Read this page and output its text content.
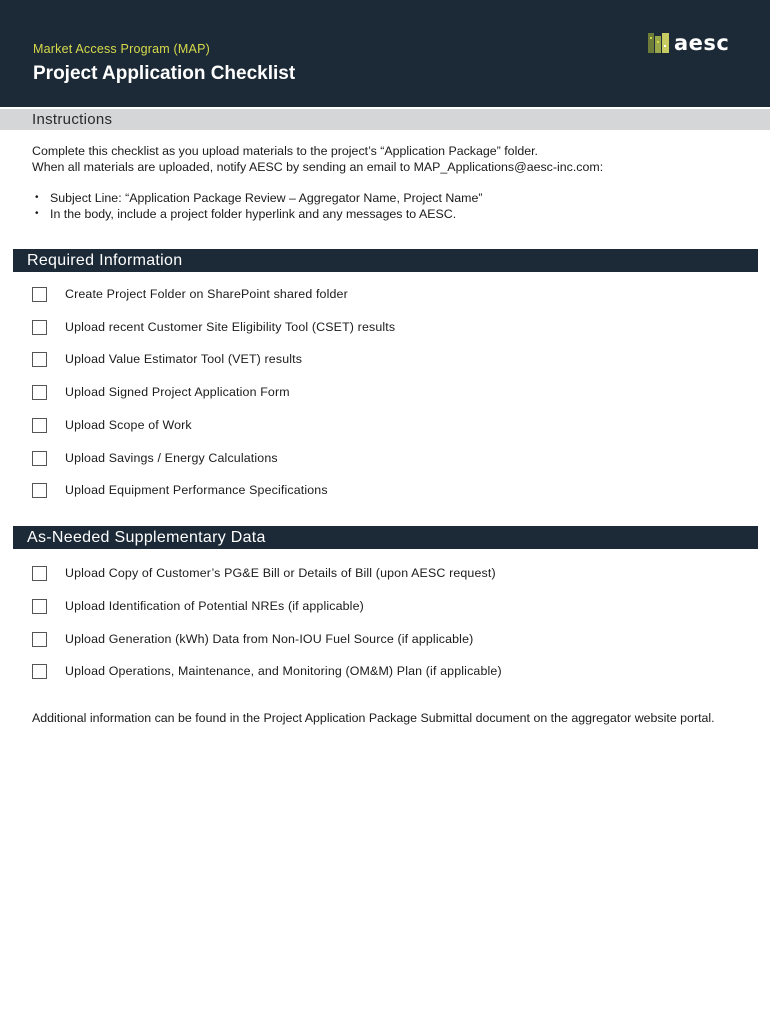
Market Access Program (MAP)
Project Application Checklist
aesc
Instructions
Complete this checklist as you upload materials to the project’s “Application Package” folder.
When all materials are uploaded, notify AESC by sending an email to MAP_Applications@aesc-inc.com:
• Subject Line: “Application Package Review – Aggregator Name, Project Name”
• In the body, include a project folder hyperlink and any messages to AESC.
Required Information
Create Project Folder on SharePoint shared folder
Upload recent Customer Site Eligibility Tool (CSET) results
Upload Value Estimator Tool (VET) results
Upload Signed Project Application Form
Upload Scope of Work
Upload Savings / Energy Calculations
Upload Equipment Performance Specifications
As-Needed Supplementary Data
Upload Copy of Customer’s PG&E Bill or Details of Bill (upon AESC request)
Upload Identification of Potential NREs (if applicable)
Upload Generation (kWh) Data from Non-IOU Fuel Source (if applicable)
Upload Operations, Maintenance, and Monitoring (OM&M) Plan (if applicable)
Additional information can be found in the Project Application Package Submittal document on the aggregator website portal.
